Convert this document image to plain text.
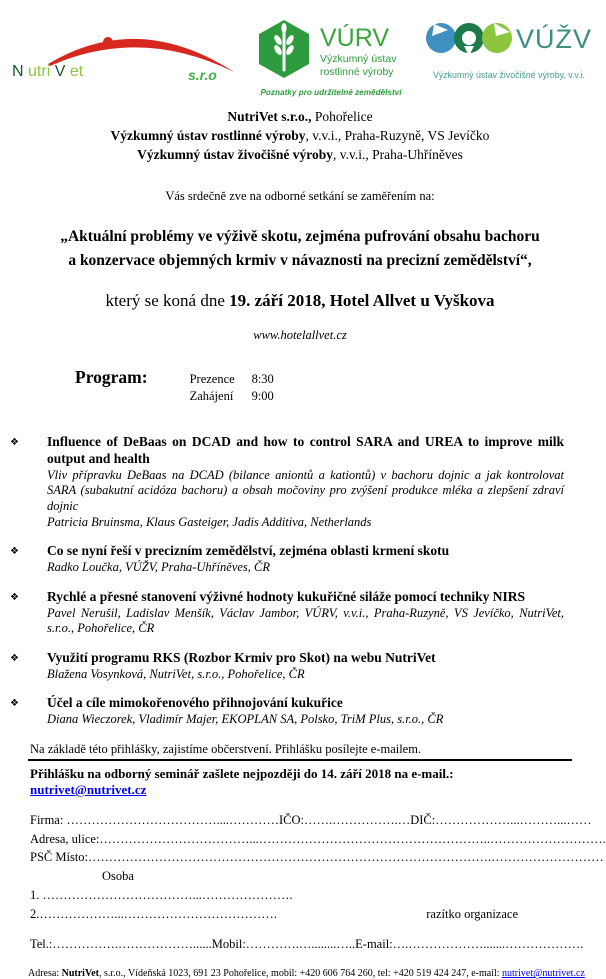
N utri V et	s.r.o
VÚRV
Výzkumný ústav
rostlinné výroby
Poznatky pro udržitelné zemědělství
VÚŽV
Výzkumný ústav živočišné výroby, v.v.i.
NutriVet s.r.o., Pohořelice
Výzkumný ústav rostlinné výroby, v.v.i., Praha-Ruzyně, VS Jevíčko
Výzkumný ústav živočišné výroby, v.v.i., Praha-Uhříněves

Vás srdečně zve na odborné setkání se zaměřením na:

„Aktuální problémy ve výživě skotu, zejména pufrování obsahu bachoru
a konzervace objemných krmiv v návaznosti na precizní zemědělství“,

který se koná dne 19. září 2018, Hotel Allvet u Vyškova

www.hotelallvet.cz

Program:	Prezence	8:30
Zahájení	9:00
❖	Influence of DeBaas on DCAD and how to control SARA and UREA to improve milk output and health
Vliv přípravku DeBaas na DCAD (bilance aniontů a kationtů) v bachoru dojnic a jak kontrolovat SARA (subakutní acidóza bachoru) a obsah močoviny pro zvýšení produkce mléka a zlepšení zdraví dojnic
Patricia Bruinsma, Klaus Gasteiger, Jadis Additiva, Netherlands
❖	Co se nyní řeší v precizním zemědělství, zejména oblasti krmení skotu
Radko Loučka, VÚŽV, Praha-Uhříněves, ČR
❖	Rychlé a přesné stanovení výživné hodnoty kukuřičné siláže pomocí techniky NIRS
Pavel Nerušil, Ladislav Menšík, Václav Jambor, VÚRV, v.v.i., Praha-Ruzyně, VS Jevíčko, NutriVet, s.r.o., Pohořelice, ČR
❖	Využití programu RKS (Rozbor Krmiv pro Skot) na webu NutriVet
Blažena Vosynková, NutriVet, s.r.o., Pohořelice, ČR
❖	Účel a cíle mimokořenového přihnojování kukuřice
Diana Wieczorek, Vladimír Majer, EKOPLAN SA, Polsko, TriM Plus, s.r.o., ČR

Na základě této přihlášky, zajistíme občerstvení. Přihlášku posílejte e-mailem.

Přihlášku na odborný seminář zašlete nejpozději do 14. září 2018 na e-mail.: nutrivet@nutrivet.cz

Firma: ………………………………....…………IČO:…….…………….…DIČ:………………...………...……
Adresa, ulice:………………………………...………………………………………………..……………………….
PSČ Místo:…………………………………………………………………………………….………………………
Osoba
1. ………………………………...………………….
2.………………...……………………………….	razítko organizace
Tel.:…………….………………......Mobil:………….…........…..E-mail:….……………….......……………….
Adresa: NutriVet, s.r.o., Vídeňská 1023, 691 23 Pohořelice, mobil: +420 606 764 260, tel: +420 519 424 247, e-mail: nutrivet@nutrivet.cz
